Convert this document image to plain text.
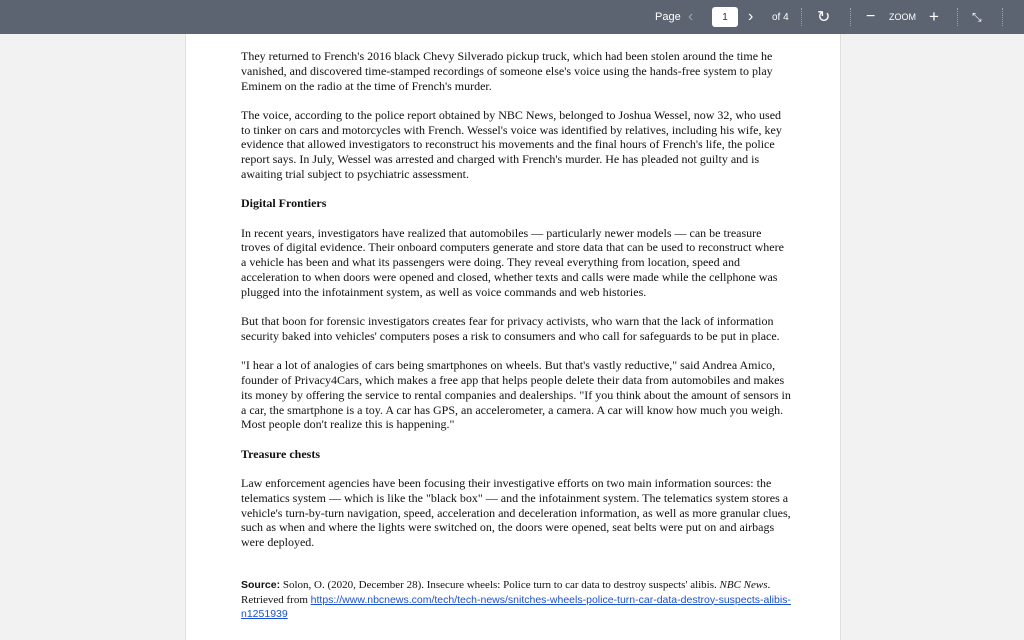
Page ‹
1	› of 4 ↻ − ZOOM +	⤡

They returned to French's 2016 black Chevy Silverado pickup truck, which had been stolen around the time he vanished, and discovered time-stamped recordings of someone else's voice using the hands-free system to play Eminem on the radio at the time of French's murder.

The voice, according to the police report obtained by NBC News, belonged to Joshua Wessel, now 32, who used to tinker on cars and motorcycles with French. Wessel's voice was identified by relatives, including his wife, key evidence that allowed investigators to reconstruct his movements and the final hours of French's life, the police report says. In July, Wessel was arrested and charged with French's murder. He has pleaded not guilty and is awaiting trial subject to psychiatric assessment.

Digital Frontiers

In recent years, investigators have realized that automobiles — particularly newer models — can be treasure troves of digital evidence. Their onboard computers generate and store data that can be used to reconstruct where a vehicle has been and what its passengers were doing. They reveal everything from location, speed and acceleration to when doors were opened and closed, whether texts and calls were made while the cellphone was plugged into the infotainment system, as well as voice commands and web histories.

But that boon for forensic investigators creates fear for privacy activists, who warn that the lack of information security baked into vehicles' computers poses a risk to consumers and who call for safeguards to be put in place.

"I hear a lot of analogies of cars being smartphones on wheels. But that's vastly reductive," said Andrea Amico, founder of Privacy4Cars, which makes a free app that helps people delete their data from automobiles and makes its money by offering the service to rental companies and dealerships. "If you think about the amount of sensors in a car, the smartphone is a toy. A car has GPS, an accelerometer, a camera. A car will know how much you weigh. Most people don't realize this is happening."

Treasure chests

Law enforcement agencies have been focusing their investigative efforts on two main information sources: the telematics system — which is like the "black box" — and the infotainment system. The telematics system stores a vehicle's turn-by-turn navigation, speed, acceleration and deceleration information, as well as more granular clues, such as when and where the lights were switched on, the doors were opened, seat belts were put on and airbags were deployed.

Source: Solon, O. (2020, December 28). Insecure wheels: Police turn to car data to destroy suspects' alibis. NBC News. Retrieved from https://www.nbcnews.com/tech/tech-news/snitches-wheels-police-turn-car-data-destroy-suspects-alibis-n1251939
